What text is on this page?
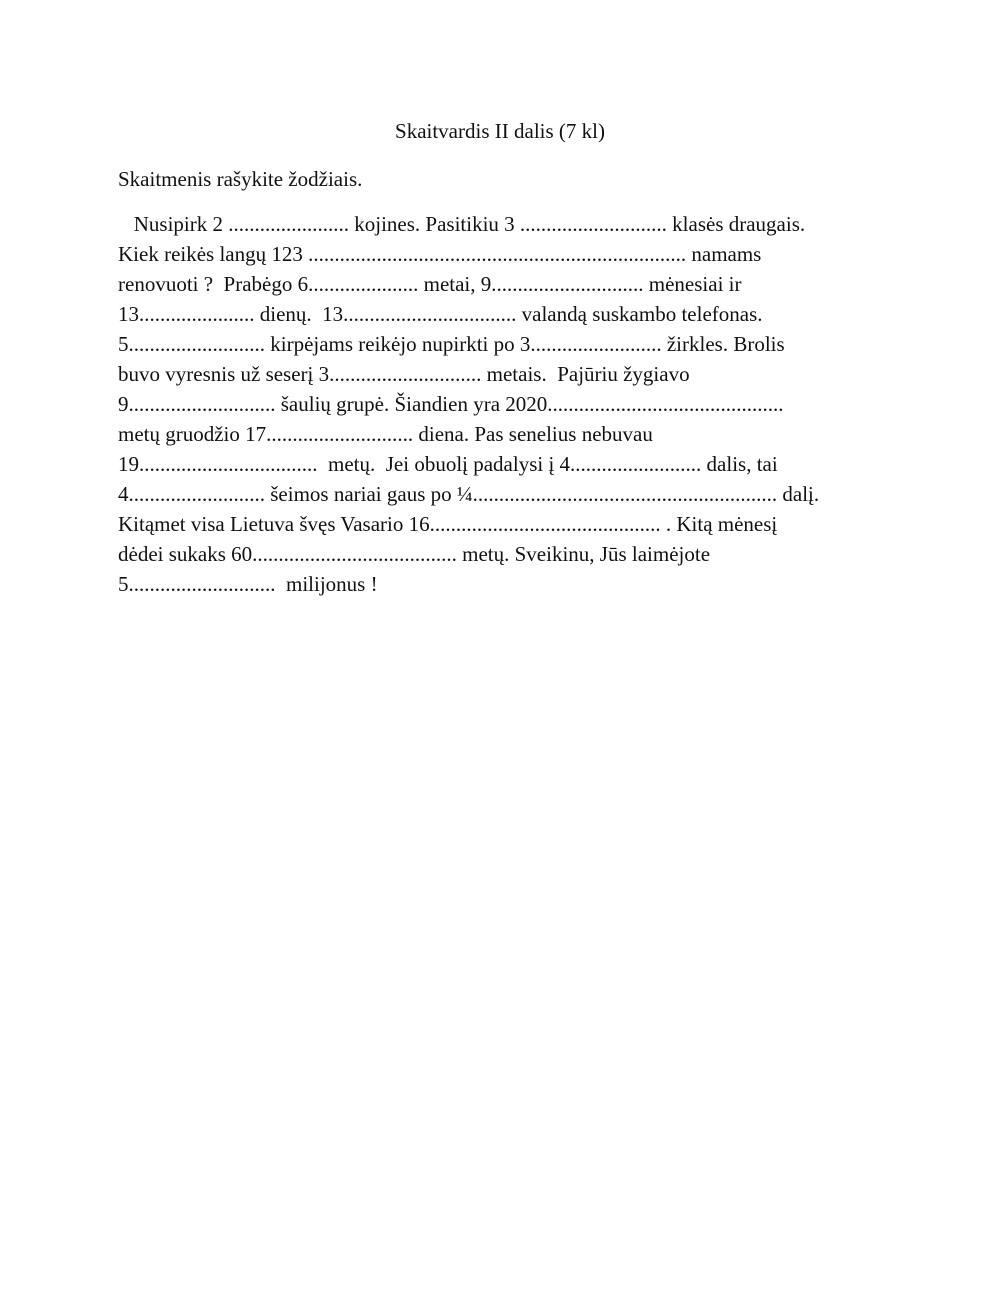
Skaitvardis II dalis (7 kl)
Skaitmenis rašykite žodžiais.
Nusipirk 2 ....................... kojines. Pasitikiu 3 ............................ klasės draugais.
Kiek reikės langų 123 ........................................................................ namams
renovuoti ?  Prabėgo 6..................... metai, 9............................. mėnesiai ir
13...................... dienų.  13................................. valandą suskambo telefonas.
5.......................... kirpėjams reikėjo nupirkti po 3......................... žirkles. Brolis
buvo vyresnis už seserį 3............................. metais.  Pajūriu žygiavo
9............................ šaulių grupė. Šiandien yra 2020.............................................
metų gruodžio 17............................ diena. Pas senelius nebuvau
19..................................  metų.  Jei obuolį padalysi į 4......................... dalis, tai
4.......................... šeimos nariai gaus po ¼.......................................................... dalį.
Kitąmet visa Lietuva švęs Vasario 16............................................ . Kitą mėnesį
dėdei sukaks 60....................................... metų. Sveikinu, Jūs laimėjote
5............................  milijonus !
